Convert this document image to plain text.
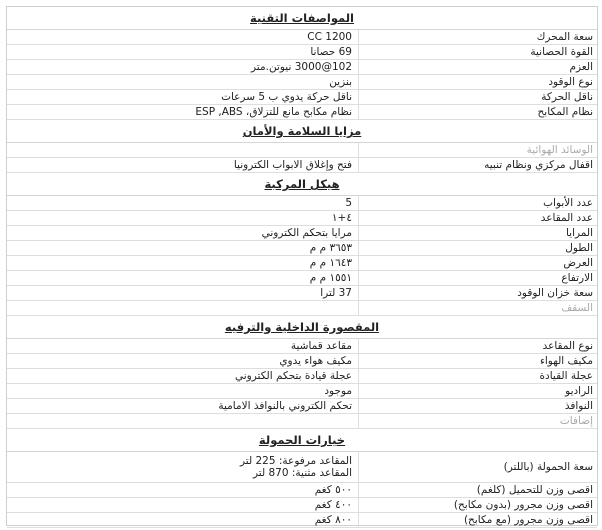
المواصفات التقنية
سعة المحرك
CC 1200
القوة الحصانية
69 حصانا
العزم
102@3000 نيوتن.متر
نوع الوقود
بنزين
ناقل الحركة
ناقل حركة يدوي ب 5 سرعات
نظام المكابح
نظام مكابح مانع للتزلاق، ESP ,ABS
مزايا السلامة والأمان
الوسائد الهوائية
اقفال مركزي ونظام تنبيه
فتح وإغلاق الابواب الكترونيا
هيكل المركبة
عدد الأبواب
5
عدد المقاعد
٤+١
المرايا
مرايا بتحكم الكتروني
الطول
٣٦٥٣ م م
العرض
١٦٤٣ م م
الارتفاع
١٥٥١ م م
سعة خزان الوقود
37 لترا
السقف
المقصورة الداخلية والترفيه
نوع المقاعد
مقاعد قماشية
مكيف الهواء
مكيف هواء يدوي
عجلة القيادة
عجلة قيادة بتحكم الكتروني
الراديو
موجود
النوافذ
تحكم الكتروني بالنوافذ الامامية
إضافات
خيارات الحمولة
سعة الحمولة (باللتر)
المقاعد مرفوعة: 225 لتر
المقاعد مثنية: 870 لتر
اقصى وزن للتحميل (كلغم)
٥٠٠ كغم
اقصى وزن مجرور (بدون مكابح)
٤٠٠ كغم
اقصى وزن مجرور (مع مكابح)
٨٠٠ كغم
